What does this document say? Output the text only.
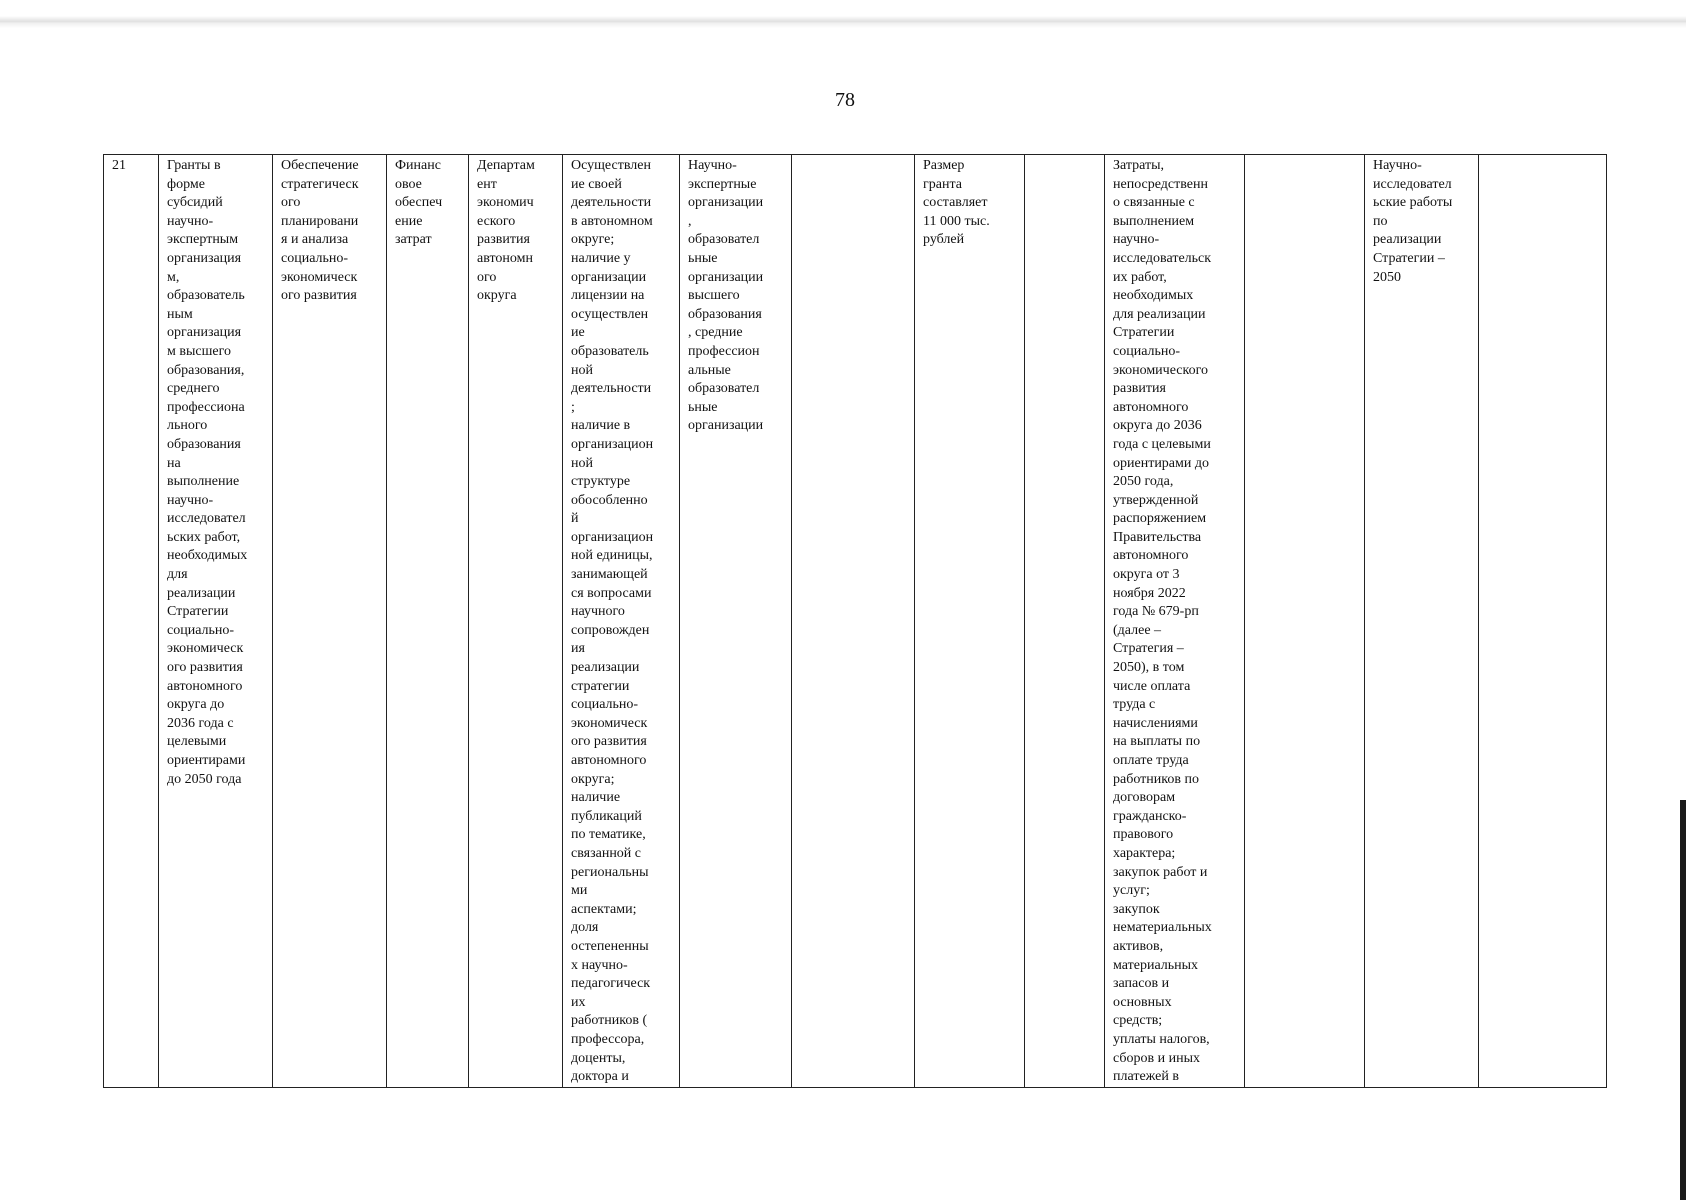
78
21	Гранты в
форме
субсидий
научно-
экспертным
организация
м,
образователь
ным
организация
м высшего
образования,
среднего
профессиона
льного
образования
на
выполнение
научно-
исследовател
ьских работ,
необходимых
для
реализации
Стратегии
социально-
экономическ
ого развития
автономного
округа до
2036 года с
целевыми
ориентирами
до 2050 года	Обеспечение
стратегическ
ого
планировани
я и анализа
социально-
экономическ
ого развития	Финанс
овое
обеспеч
ение
затрат	Департам
ент
экономич
еского
развития
автономн
ого
округа	Осуществлен
ие своей
деятельности
в автономном
округе;
наличие у
организации
лицензии на
осуществлен
ие
образователь
ной
деятельности
;
наличие в
организацион
ной
структуре
обособленно
й
организацион
ной единицы,
занимающей
ся вопросами
научного
сопровожден
ия
реализации
стратегии
социально-
экономическ
ого развития
автономного
округа;
наличие
публикаций
по тематике,
связанной с
региональны
ми
аспектами;
доля
остепененны
х научно-
педагогическ
их
работников (
профессора,
доценты,
доктора и	Научно-
экспертные
организации
,
образовател
ьные
организации
высшего
образования
, средние
профессион
альные
образовател
ьные
организации		Размер
гранта
составляет
11 000 тыс.
рублей		Затраты,
непосредственн
о связанные с
выполнением
научно-
исследовательск
их работ,
необходимых
для реализации
Стратегии
социально-
экономического
развития
автономного
округа до 2036
года с целевыми
ориентирами до
2050 года,
утвержденной
распоряжением
Правительства
автономного
округа от 3
ноября 2022
года № 679-рп
(далее –
Стратегия –
2050), в том
числе оплата
труда с
начислениями
на выплаты по
оплате труда
работников по
договорам
гражданско-
правового
характера;
закупок работ и
услуг;
закупок
нематериальных
активов,
материальных
запасов и
основных
средств;
уплаты налогов,
сборов и иных
платежей в		Научно-
исследовател
ьские работы
по
реализации
Стратегии –
2050	
